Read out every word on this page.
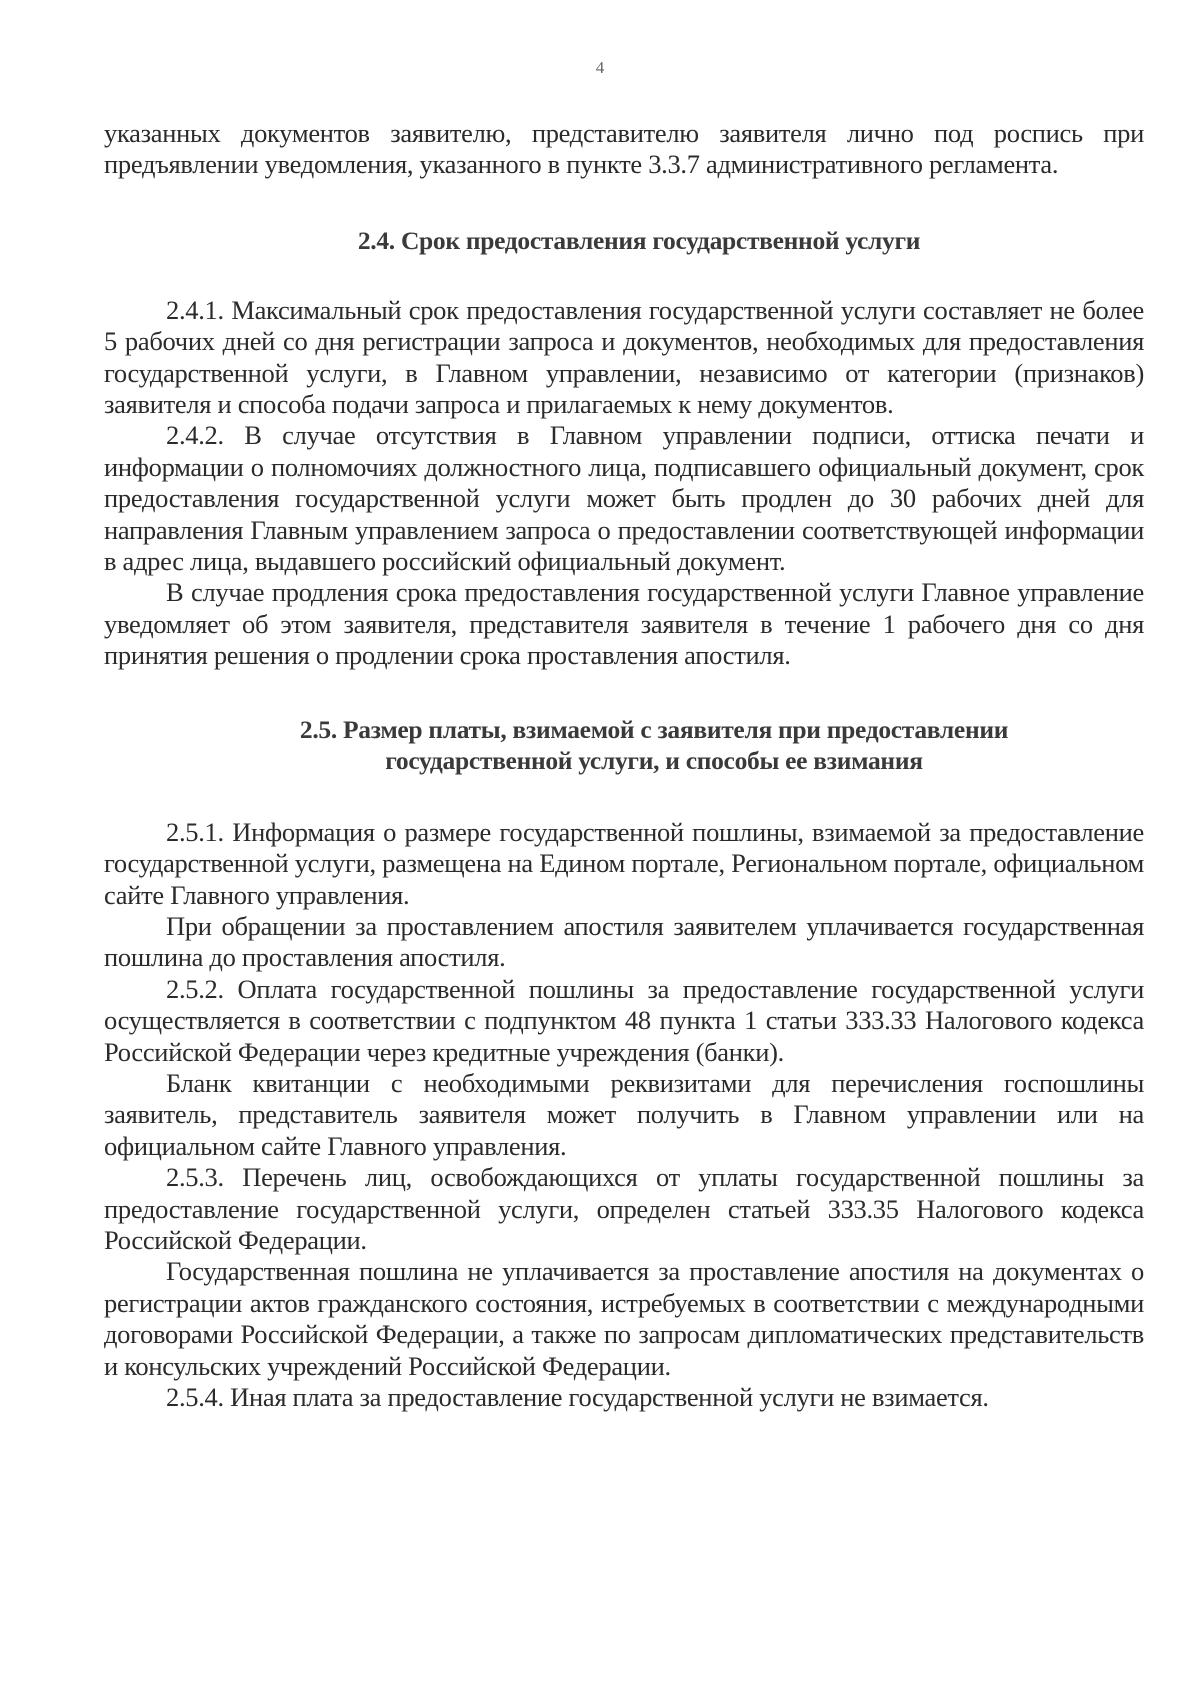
4

указанных документов заявителю, представителю заявителя лично под роспись при предъявлении уведомления, указанного в пункте 3.3.7 административного регламента.

2.4. Срок предоставления государственной услуги

2.4.1. Максимальный срок предоставления государственной услуги составляет не более 5 рабочих дней со дня регистрации запроса и документов, необходимых для предоставления государственной услуги, в Главном управлении, независимо от категории (признаков) заявителя и способа подачи запроса и прилагаемых к нему документов.

2.4.2. В случае отсутствия в Главном управлении подписи, оттиска печати и информации о полномочиях должностного лица, подписавшего официальный документ, срок предоставления государственной услуги может быть продлен до 30 рабочих дней для направления Главным управлением запроса о предоставлении соответствующей информации в адрес лица, выдавшего российский официальный документ.

В случае продления срока предоставления государственной услуги Главное управление уведомляет об этом заявителя, представителя заявителя в течение 1 рабочего дня со дня принятия решения о продлении срока проставления апостиля.

2.5. Размер платы, взимаемой с заявителя при предоставлении
государственной услуги, и способы ее взимания

2.5.1. Информация о размере государственной пошлины, взимаемой за предоставление государственной услуги, размещена на Едином портале, Региональном портале, официальном сайте Главного управления.

При обращении за проставлением апостиля заявителем уплачивается государственная пошлина до проставления апостиля.

2.5.2. Оплата государственной пошлины за предоставление государственной услуги осуществляется в соответствии с подпунктом 48 пункта 1 статьи 333.33 Налогового кодекса Российской Федерации через кредитные учреждения (банки).

Бланк квитанции с необходимыми реквизитами для перечисления госпошлины заявитель, представитель заявителя может получить в Главном управлении или на официальном сайте Главного управления.

2.5.3. Перечень лиц, освобождающихся от уплаты государственной пошлины за предоставление государственной услуги, определен статьей 333.35 Налогового кодекса Российской Федерации.

Государственная пошлина не уплачивается за проставление апостиля на документах о регистрации актов гражданского состояния, истребуемых в соответствии с международными договорами Российской Федерации, а также по запросам дипломатических представительств и консульских учреждений Российской Федерации.

2.5.4. Иная плата за предоставление государственной услуги не взимается.
